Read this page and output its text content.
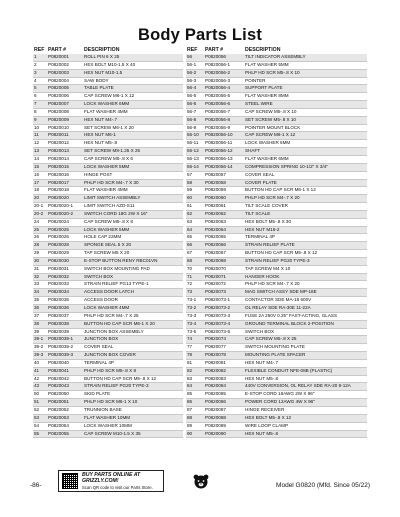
Body Parts List
REF	PART #	DESCRIPTION
1	P0820001	ROLL PIN 6 X 25
2	P0820002	HEX BOLT M10-1.5 X 40
3	P0820003	HEX NUT M10-1.5
4	P0820004	SAW BODY
5	P0820005	TABLE PLATE
6	P0820006	CAP SCREW M6-1 X 12
7	P0820007	LOCK WASHER 6MM
8	P0820008	FLAT WASHER 4MM
9	P0820009	HEX NUT M4-.7
10	P0820010	SET SCREW M6-1 X 20
11	P0820011	HEX NUT M6-1
12	P0820012	HEX NUT M5-.8
13	P0820013	SET SCREW M8-1.25 X 25
14	P0820014	CAP SCREW M5-.8 X 6
15	P0820015	LOCK WASHER 5MM
16	P0820016	HINGE POST
17	P0820017	PHLP HD SCR M4-.7 X 30
18	P0820018	FLAT WASHER 4MM
20	P0820020	LIMIT SWITCH ASSEMBLY
20-1	P0820020-1	LIMIT SWITCH AZD-S11
20-2	P0820020-2	SWITCH CORD 18G 2W X 16"
24	P0820024	CAP SCREW M5-.8 X 8
25	P0820025	LOCK WASHER 5MM
26	P0820026	HOLE CAP 22MM
28	P0820028	SPONGE SEAL 5 X 20
29	P0820029	TAP SCREW M5 X 20
30	P0820030	E-STOP BUTTON RENY RBC01VN
31	P0820031	SWITCH BOX MOUNTING PAD
32	P0820032	SWITCH BOX
33	P0820033	STRAIN RELIEF PG13 TYPE-1
34	P0820034	ACCESS DOOR LATCH
35	P0820035	ACCESS DOOR
36	P0820036	LOCK WASHER 4MM
37	P0820037	PHLP HD SCR M4-.7 X 25
38	P0820038	BUTTON HD CAP SCR M6-1 X 20
39	P0820039	JUNCTION BOX ASSEMBLY
39-1	P0820039-1	JUNCTION BOX
39-2	P0820039-2	COVER SEAL
39-3	P0820039-3	JUNCTION BOX COVER
40	P0820040	TERMINAL 4P
41	P0820041	PHLP HD SCR M5-.8 X 8
42	P0820042	BUTTON HD CAP SCR M5-.8 X 12
43	P0820043	STRAIN RELIEF PG20 TYPE-3
50	P0820050	SKID PLATE
51	P0820051	PHLP HD SCR M6-1 X 10
52	P0820052	TRUNNION BASE
53	P0820053	FLAT WASHER 10MM
54	P0820054	LOCK WASHER 10MM
55	P0820055	CAP SCREW M10-1.5 X 35
REF	PART #	DESCRIPTION
56	P0820056	TILT INDICATOR ASSEMBLY
56-1	P0820056-1	FLAT WASHER 5MM
56-2	P0820056-2	PHLP HD SCR M5-.8 X 10
56-3	P0820056-3	POINTER
56-4	P0820056-4	SUPPORT PLATE
56-5	P0820056-5	FLAT WASHER 8MM
56-6	P0820056-6	STEEL WIRE
56-7	P0820056-7	CAP SCREW M5-.8 X 10
56-8	P0820056-8	SET SCREW M5-.8 X 10
56-9	P0820056-9	POINTER MOUNT BLOCK
56-10	P0820056-10	CAP SCREW M6-1 X 12
56-11	P0820056-11	LOCK WASHER 6MM
56-12	P0820056-12	SHAFT
56-13	P0820056-13	FLAT WASHER 6MM
56-14	P0820056-14	COMPRESSION SPRING 10-1/2" X 3/4"
57	P0820057	COVER SEAL
58	P0820058	COVER PLATE
59	P0820059	BUTTON HD CAP SCR M6-1 X 12
60	P0820060	PHLP HD SCR M4-.7 X 20
61	P0820061	TILT SCALE COVER
62	P0820062	TILT SCALE
63	P0820063	HEX BOLT M5-.8 X 30
64	P0820064	HEX NUT M16-2
65	P0820065	TERMINAL 4P
66	P0820066	STRAIN RELIEF PLATE
67	P0820067	BUTTON HD CAP SCR M5-.8 X 12
68	P0820068	STRAIN RELIEF PG20 TYPE-3
70	P0820070	TAP SCREW M4 X 10
71	P0820071	HANGER HOOK
72	P0820072	PHLP HD SCR M4-.7 X 20
73	P0820073	MAG SWITCH ASSY SDE MP-18E
73-1	P0820073-1	CONTACTOR SDE MA-18 600V
73-2	P0820073-2	OL RELAY SDE RA-30E 11-22A
73-3	P0820073-3	FUSE 2A 250V 0.25" FAST-ACTING, GLASS
73-4	P0820073-4	GROUND TERMINAL BLOCK 2-POSITION
73-5	P0820073-5	SWITCH BOX
74	P0820074	CAP SCREW M5-.8 X 25
77	P0820077	SWITCH MOUNTING PLATE
78	P0820078	MOUNTING PLATE SPACER
81	P0820081	HEX NUT M4-.7
82	P0820082	FLEXIBLE CONDUIT NFE-08B (PLASTIC)
83	P0820083	HEX NUT M5-.8
84	P0820084	440V CONVERSION, OL RELAY SDE RA-20 8-12A
85	P0820085	E-STOP CORD 18AWG 2W X 96"
86	P0820086	POWER CORD 12AWG 4W X 96"
87	P0820087	HINGE RECEIVER
88	P0820088	HEX BOLT M5-.8 X 12
89	P0820089	WIRE LOOP CLAMP
90	P0820090	HEX NUT M5-.8
-86-
BUY PARTS ONLINE AT GRIZZLY.COM!
Scan QR code to visit our Parts Store.	Model G0820 (Mfd. Since 05/22)
